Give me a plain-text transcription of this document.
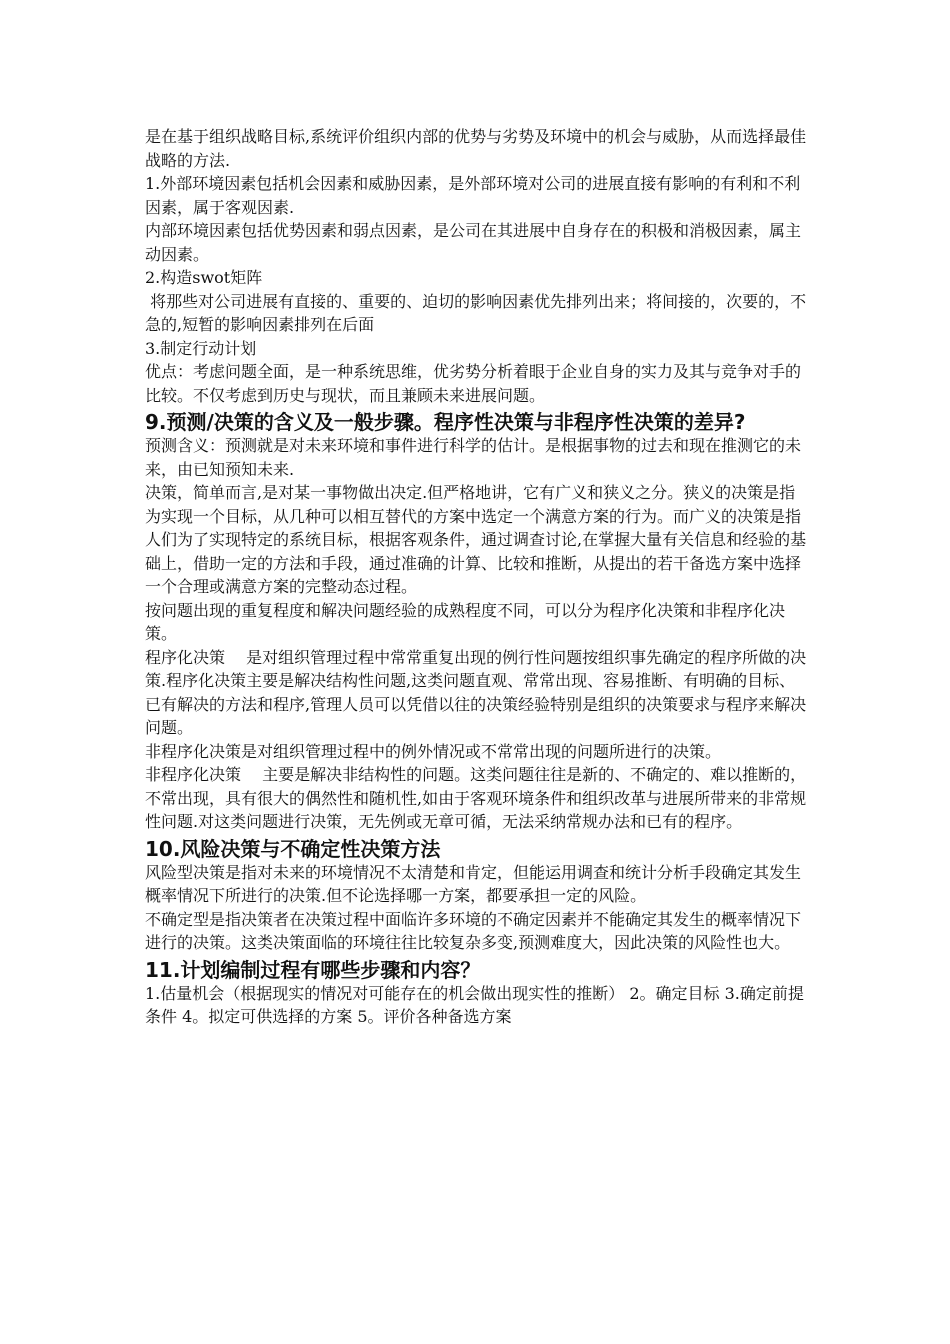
是在基于组织战略目标,系统评价组织内部的优势与劣势及环境中的机会与威胁，从而选择最佳战略的方法.

1.外部环境因素包括机会因素和威胁因素，是外部环境对公司的进展直接有影响的有利和不利因素，属于客观因素.

内部环境因素包括优势因素和弱点因素，是公司在其进展中自身存在的积极和消极因素，属主动因素。

2.构造swot矩阵

将那些对公司进展有直接的、重要的、迫切的影响因素优先排列出来；将间接的，次要的，不急的,短暂的影响因素排列在后面

3.制定行动计划

优点：考虑问题全面，是一种系统思维，优劣势分析着眼于企业自身的实力及其与竞争对手的比较。不仅考虑到历史与现状，而且兼顾未来进展问题。

9.预测/决策的含义及一般步骤。程序性决策与非程序性决策的差异?

预测含义：预测就是对未来环境和事件进行科学的估计。是根据事物的过去和现在推测它的未来，由已知预知未来.

决策，简单而言,是对某一事物做出决定.但严格地讲，它有广义和狭义之分。狭义的决策是指为实现一个目标，从几种可以相互替代的方案中选定一个满意方案的行为。而广义的决策是指人们为了实现特定的系统目标，根据客观条件，通过调查讨论,在掌握大量有关信息和经验的基础上，借助一定的方法和手段，通过准确的计算、比较和推断，从提出的若干备选方案中选择一个合理或满意方案的完整动态过程。

按问题出现的重复程度和解决问题经验的成熟程度不同，可以分为程序化决策和非程序化决策。

程序化决策　 是对组织管理过程中常常重复出现的例行性问题按组织事先确定的程序所做的决策.程序化决策主要是解决结构性问题,这类问题直观、常常出现、容易推断、有明确的目标、已有解决的方法和程序,管理人员可以凭借以往的决策经验特别是组织的决策要求与程序来解决问题。

非程序化决策是对组织管理过程中的例外情况或不常常出现的问题所进行的决策。

非程序化决策　 主要是解决非结构性的问题。这类问题往往是新的、不确定的、难以推断的，不常出现，具有很大的偶然性和随机性,如由于客观环境条件和组织改革与进展所带来的非常规性问题.对这类问题进行决策，无先例或无章可循，无法采纳常规办法和已有的程序。

10.风险决策与不确定性决策方法

风险型决策是指对未来的环境情况不太清楚和肯定，但能运用调查和统计分析手段确定其发生概率情况下所进行的决策.但不论选择哪一方案，都要承担一定的风险。

不确定型是指决策者在决策过程中面临许多环境的不确定因素并不能确定其发生的概率情况下进行的决策。这类决策面临的环境往往比较复杂多变,预测难度大，因此决策的风险性也大。

11.计划编制过程有哪些步骤和内容？

1.估量机会（根据现实的情况对可能存在的机会做出现实性的推断） 2。确定目标 3.确定前提条件 4。拟定可供选择的方案 5。评价各种备选方案
